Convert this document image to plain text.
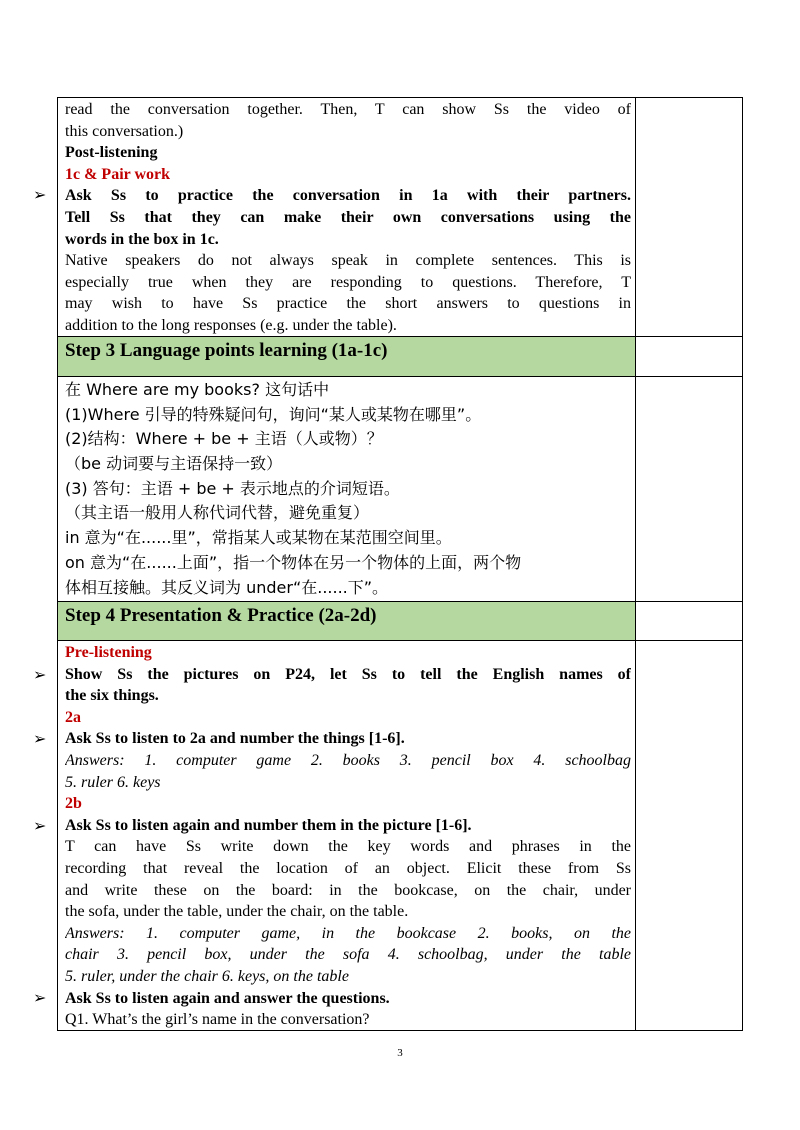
read the conversation together. Then, T can show Ss the video of
this conversation.)
Post-listening
1c & Pair work
Ask Ss to practice the conversation in 1a with their partners.
Tell Ss that they can make their own conversations using the
words in the box in 1c.
Native speakers do not always speak in complete sentences. This is
especially true when they are responding to questions. Therefore, T
may wish to have Ss practice the short answers to questions in
addition to the long responses (e.g. under the table).
Step 3 Language points learning (1a-1c)
在 Where are my books? 这句话中
(1)Where 引导的特殊疑问句，询问“某人或某物在哪里”。
(2)结构：Where + be + 主语（人或物）？
（be 动词要与主语保持一致）
(3) 答句：主语 + be + 表示地点的介词短语。
（其主语一般用人称代词代替，避免重复）
in 意为“在......里”，常指某人或某物在某范围空间里。
on 意为“在......上面”，指一个物体在另一个物体的上面，两个物
体相互接触。其反义词为 under“在......下”。
Step 4 Presentation & Practice (2a-2d)
Pre-listening
Show Ss the pictures on P24, let Ss to tell the English names of
the six things.
2a
Ask Ss to listen to 2a and number the things [1-6].
Answers: 1. computer game 2. books 3. pencil box 4. schoolbag
5. ruler 6. keys
2b
Ask Ss to listen again and number them in the picture [1-6].
T can have Ss write down the key words and phrases in the
recording that reveal the location of an object. Elicit these from Ss
and write these on the board: in the bookcase, on the chair, under
the sofa, under the table, under the chair, on the table.
Answers: 1. computer game, in the bookcase 2. books, on the
chair 3. pencil box, under the sofa 4. schoolbag, under the table
5. ruler, under the chair 6. keys, on the table
Ask Ss to listen again and answer the questions.
Q1. What’s the girl’s name in the conversation?
➢
➢
➢
➢
➢
3
